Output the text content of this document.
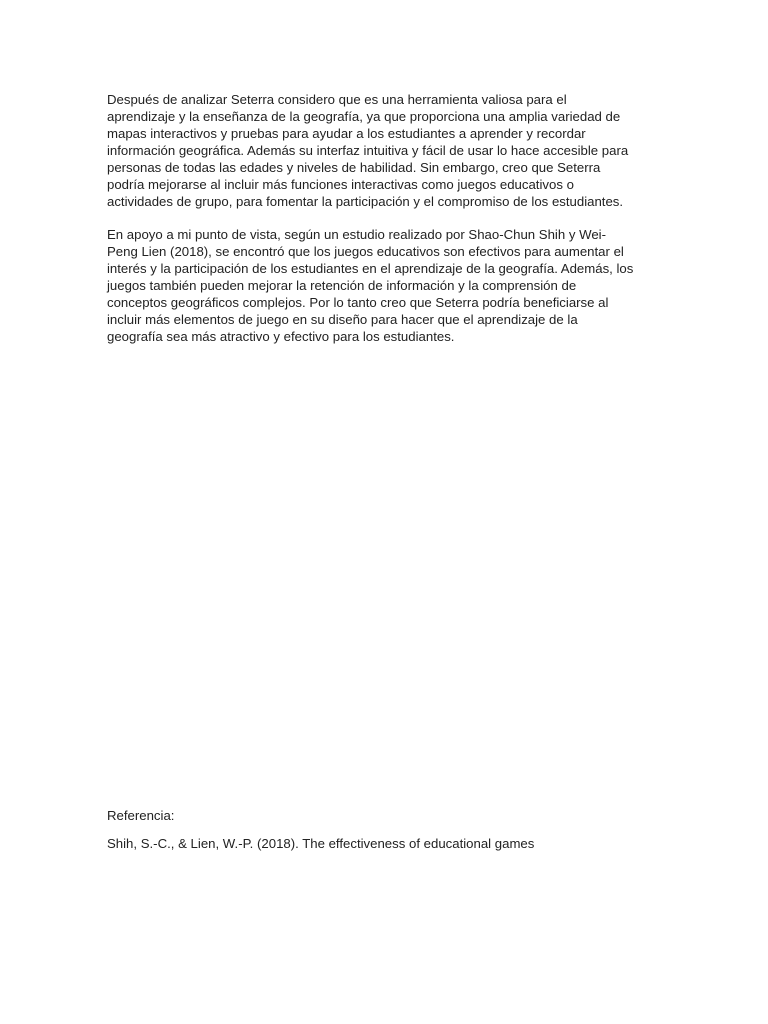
Después de analizar Seterra considero que es una herramienta valiosa para el
aprendizaje y la enseñanza de la geografía, ya que proporciona una amplia variedad de
mapas interactivos y pruebas para ayudar a los estudiantes a aprender y recordar
información geográfica. Además su interfaz intuitiva y fácil de usar lo hace accesible para
personas de todas las edades y niveles de habilidad. Sin embargo, creo que Seterra
podría mejorarse al incluir más funciones interactivas como juegos educativos o
actividades de grupo, para fomentar la participación y el compromiso de los estudiantes.

En apoyo a mi punto de vista, según un estudio realizado por Shao-Chun Shih y Wei-
Peng Lien (2018), se encontró que los juegos educativos son efectivos para aumentar el
interés y la participación de los estudiantes en el aprendizaje de la geografía. Además, los
juegos también pueden mejorar la retención de información y la comprensión de
conceptos geográficos complejos. Por lo tanto creo que Seterra podría beneficiarse al
incluir más elementos de juego en su diseño para hacer que el aprendizaje de la
geografía sea más atractivo y efectivo para los estudiantes.

Referencia:

Shih, S.-C., & Lien, W.-P. (2018). The effectiveness of educational games
